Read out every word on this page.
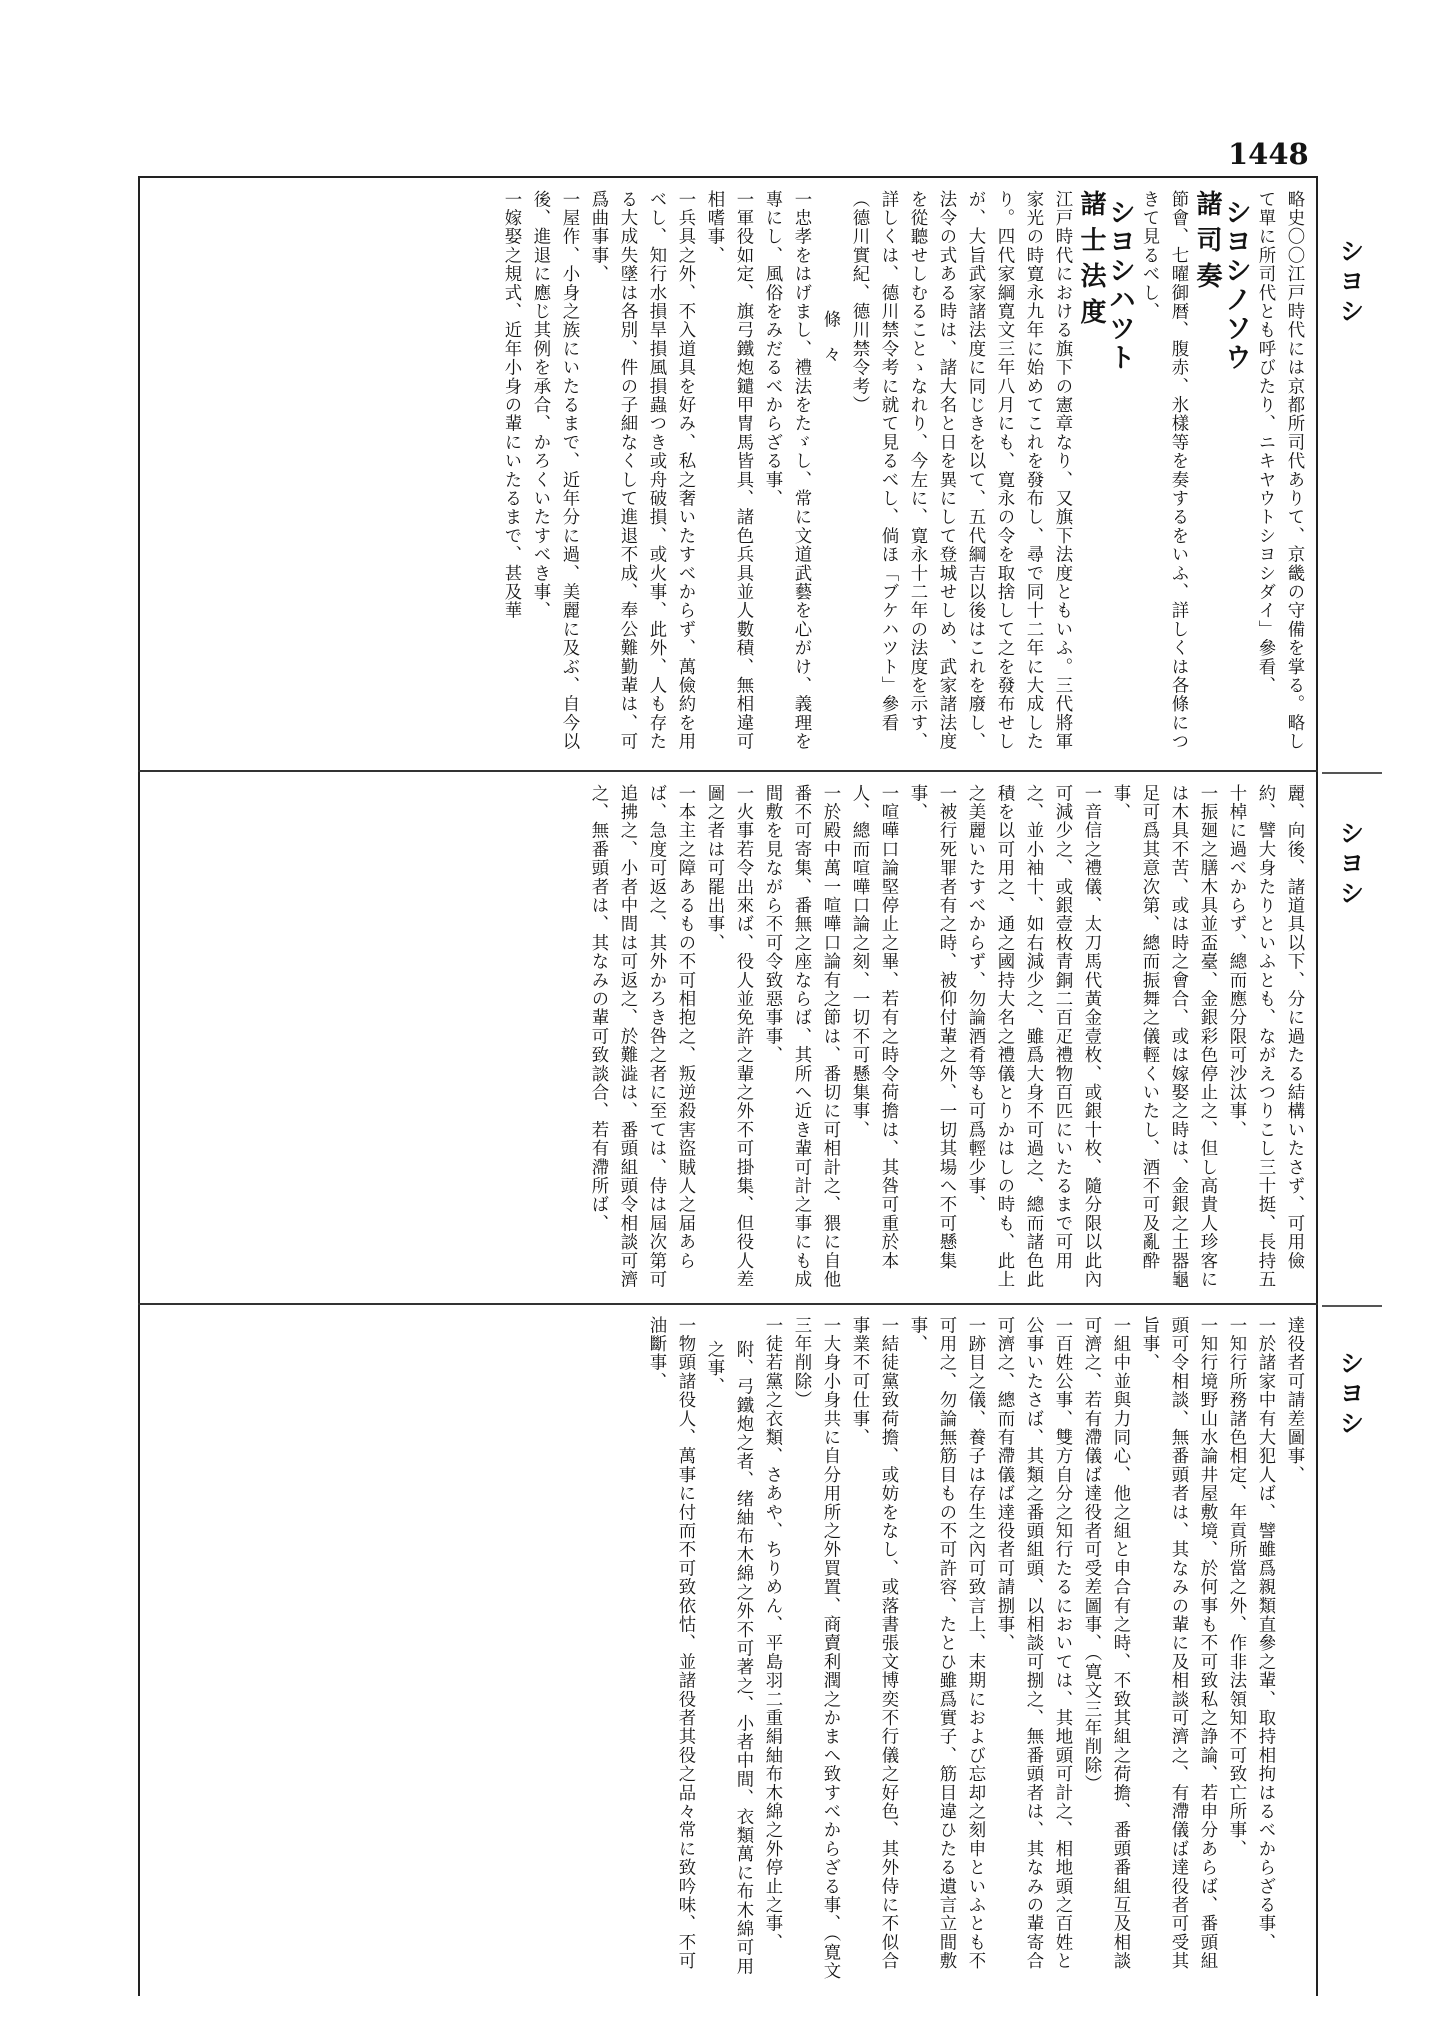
1448
シヨシ
シヨシ
シヨシ

略史〇〇江戸時代には京都所司代ありて、京畿の守備を掌る。略して單に所司代とも呼びたり、ニキヤウトシヨシダイ」參看、

シヨシノソウ

諸司奏

節會、七曜御暦、腹赤、氷樣等を奏するをいふ、詳しくは各條につきて見るべし、

シヨシハツト

諸士法度

江戸時代における旗下の憲章なり、又旗下法度ともいふ。三代將軍家光の時寛永九年に始めてこれを發布し、尋で同十二年に大成したり。四代家綱寛文三年八月にも、寛永の令を取捨して之を發布せしが、大旨武家諸法度に同じきを以て、五代綱吉以後はこれを廢し、法令の式ある時は、諸大名と日を異にして登城せしめ、武家諸法度を從聽せしむることゝなれり、今左に、寛永十二年の法度を示す、詳しくは、德川禁令考に就て見るべし、倘ほ「ブケハツト」參看（德川實紀、德川禁令考）

條々

一忠孝をはげまし、禮法をたゞし、常に文道武藝を心がけ、義理を專にし、風俗をみだるべからざる事、

一軍役如定、旗弓鐵炮鑓甲冑馬皆具、諸色兵具並人數積、無相違可相嗜事、

一兵具之外、不入道具を好み、私之奢いたすべからず、萬儉約を用ベし、知行水損旱損風損蟲つき或舟破損、或火事、此外、人も存たる大成失墜は各別、件の子細なくして進退不成、奉公難勤輩は、可爲曲事事、

一屋作、小身之族にいたるまで、近年分に過、美麗に及ぶ、自今以後、進退に應じ其例を承合、かろくいたすべき事、

一嫁娶之規式、近年小身の輩にいたるまで、甚及華

麗、向後、諸道具以下、分に過たる結構いたさず、可用儉約、譬大身たりといふとも、ながえつりこし三十挺、長持五十棹に過べからず、總而應分限可沙汰事、

一振廻之膳木具並盃臺、金銀彩色停止之、但し高貴人珍客には木具不苦、或は時之會合、或は嫁娶之時は、金銀之土器龜足可爲其意次第、總而振舞之儀輕くいたし、酒不可及亂酔事、

一音信之禮儀、太刀馬代黃金壹枚、或銀十枚、隨分限以此內可減少之、或銀壹枚青銅二百疋禮物百匹にいたるまで可用之、並小袖十、如右減少之、雖爲大身不可過之、總而諸色此積を以可用之、通之國持大名之禮儀とりかはしの時も、此上之美麗いたすべからず、勿論酒肴等も可爲輕少事、

一被行死罪者有之時、被仰付輩之外、一切其場へ不可懸集事、

一喧嘩口論堅停止之畢、若有之時令荷擔は、其咎可重於本人、總而喧嘩口論之刻、一切不可懸集事、

一於殿中萬一喧嘩口論有之節は、番切に可相計之、猥に自他番不可寄集、番無之座ならば、其所へ近き輩可計之事にも成間敷を見ながら不可令致惡事事、

一火事若令出來ば、役人並免許之輩之外不可掛集、但役人差圖之者は可罷出事、

一本主之障あるもの不可相抱之、叛逆殺害盜賊人之届あらば、急度可返之、其外かろき咎之者に至ては、侍は屆次第可追拂之、小者中間は可返之、於難澁は、番頭組頭令相談可濟之、無番頭者は、其なみの輩可致談合、若有滯所ば、

達役者可請差圖事、

一於諸家中有大犯人ば、譬雖爲親類直參之輩、取持相拘はるべからざる事、

一知行所務諸色相定、年貢所當之外、作非法領知不可致亡所事、

一知行境野山水論井屋敷境、於何事も不可致私之諍論、若申分あらば、番頭組頭可令相談、無番頭者は、其なみの輩に及相談可濟之、有滯儀ば達役者可受其旨事、

一組中並與力同心、他之組と申合有之時、不致其組之荷擔、番頭番組互及相談可濟之、若有滯儀ば達役者可受差圖事、（寛文三年削除）

一百姓公事、雙方自分之知行たるにおいては、其地頭可計之、相地頭之百姓と公事いたさば、其類之番頭組頭、以相談可捌之、無番頭者は、其なみの輩寄合可濟之、總而有滯儀ば達役者可請捌事、

一跡目之儀、養子は存生之內可致言上、末期におよび忘却之刻申といふとも不可用之、勿論無筋目もの不可許容、たとひ雖爲實子、筋目違ひたる遺言立間敷事、

一結徒黨致荷擔、或妨をなし、或落書張文博奕不行儀之好色、其外侍に不似合事業不可仕事、

一大身小身共に自分用所之外買置、商賣利潤之かまへ致すべからざる事、（寛文三年削除）

一徒若黨之衣類、さあや、ちりめん、平島羽二重絹紬布木綿之外停止之事、

附、弓鐵炮之者、绪紬布木綿之外不可著之、小者中間、衣類萬に布木綿可用之事、

一物頭諸役人、萬事に付而不可致依怙、並諸役者其役之品々常に致吟味、不可油斷事、
